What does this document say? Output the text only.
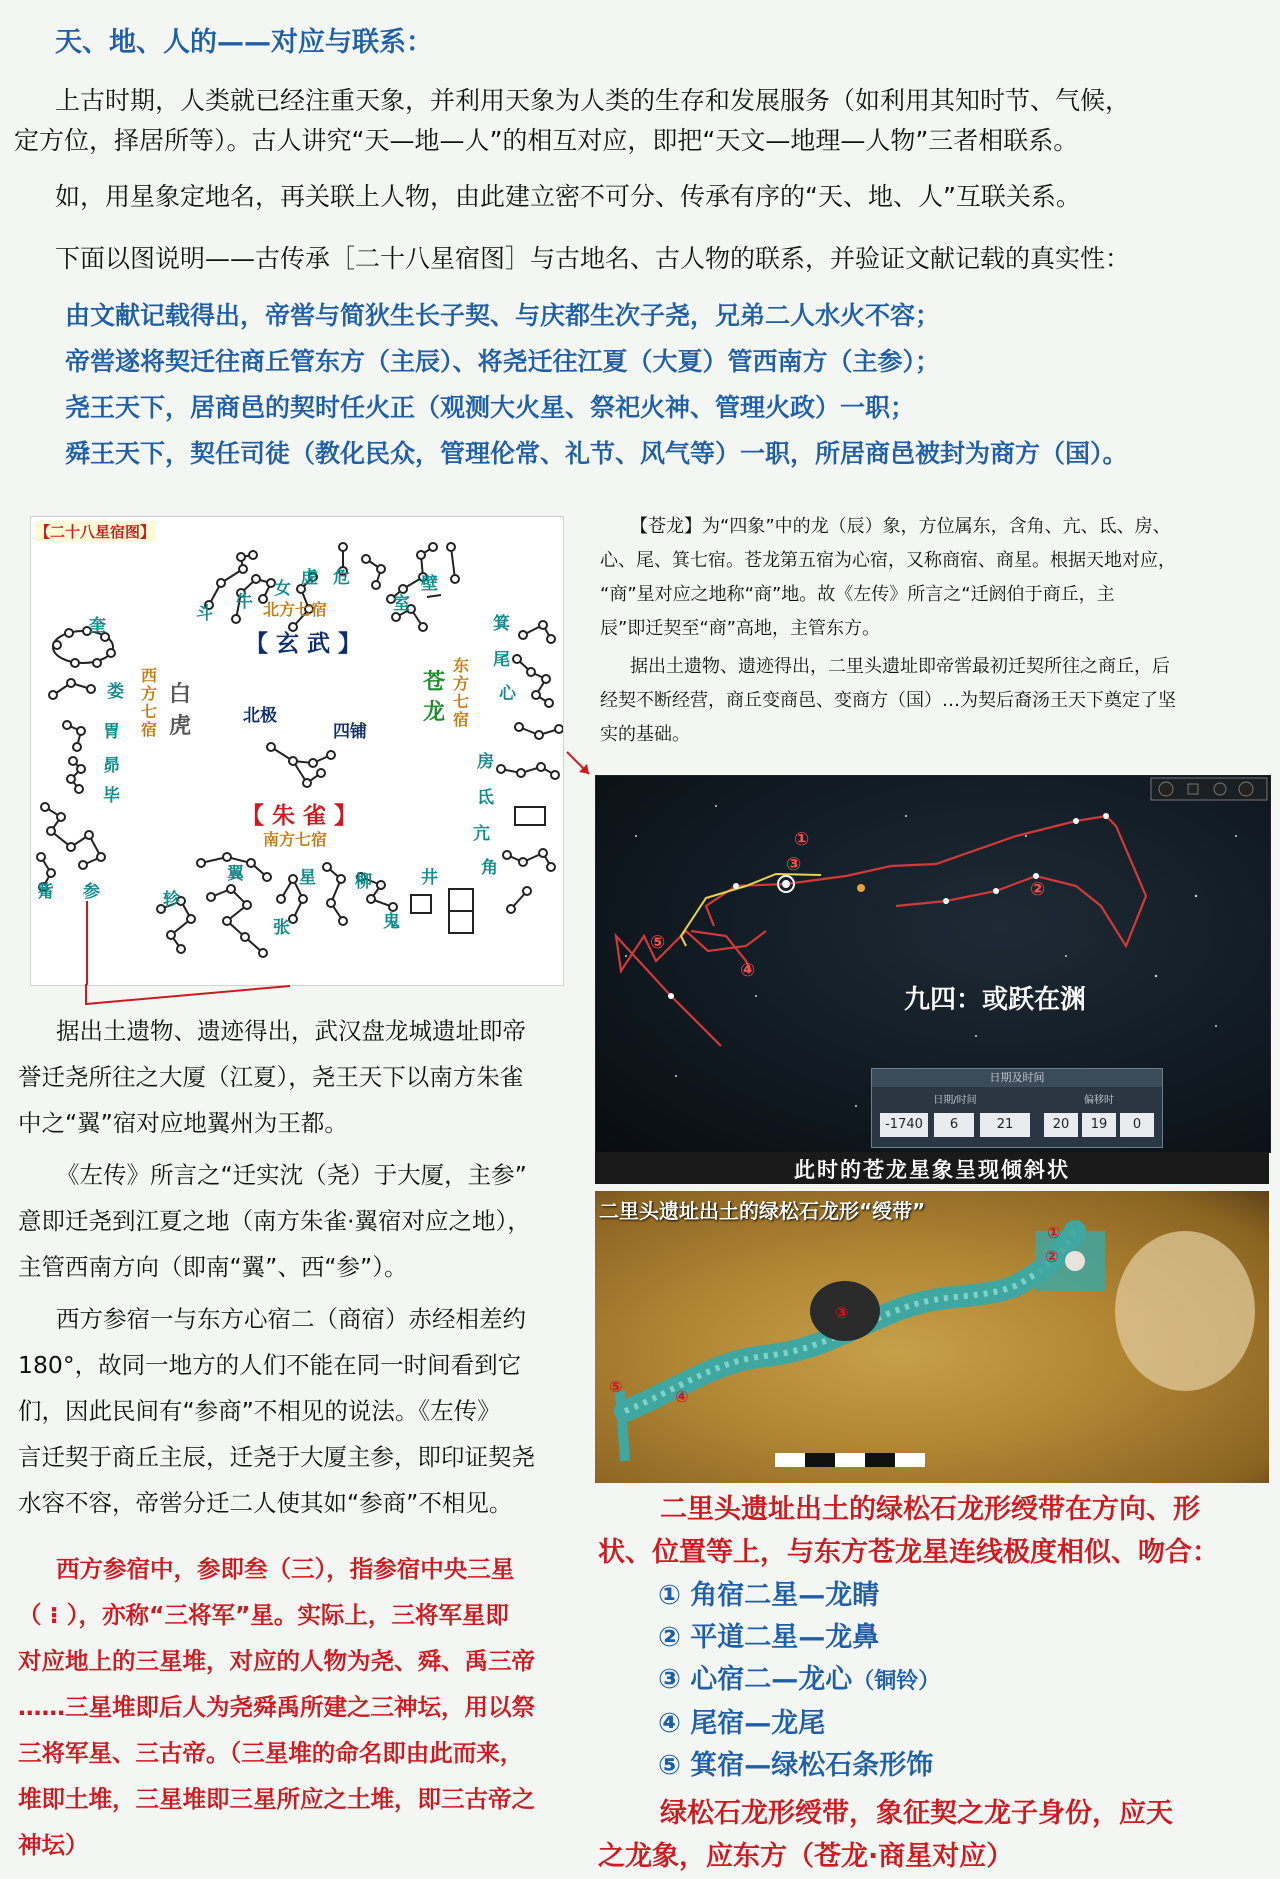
天、地、人的——对应与联系：
上古时期，人类就已经注重天象，并利用天象为人类的生存和发展服务（如利用其知时节、气候，
定方位，择居所等）。古人讲究“天—地—人”的相互对应，即把“天文—地理—人物”三者相联系。
如，用星象定地名，再关联上人物，由此建立密不可分、传承有序的“天、地、人”互联关系。
下面以图说明——古传承［二十八星宿图］与古地名、古人物的联系，并验证文献记载的真实性：
由文献记载得出，帝喾与简狄生长子契、与庆都生次子尧，兄弟二人水火不容；
帝喾遂将契迁往商丘管东方（主辰）、将尧迁往江夏（大夏）管西南方（主参）；
尧王天下，居商邑的契时任火正（观测大火星、祭祀火神、管理火政）一职；
舜王天下，契任司徒（教化民众，管理伦常、礼节、风气等）一职，所居商邑被封为商方（国）。
【二十八星宿图】
斗
牛
女
虚 危
室
壁
北方七宿
【 玄 武 】
箕
尾
心
房
氐
亢
角
苍
龙
东方七宿
奎
娄
胃
昴
毕
觜 参
白
虎
西方七宿
翼	星 柳
鬼
井
轸
张
【 朱 雀 】
南方七宿
北极
四铺
【苍龙】为“四象”中的龙（辰）象，方位属东，含角、亢、氐、房、
心、尾、箕七宿。苍龙第五宿为心宿，又称商宿、商星。根据天地对应，
“商”星对应之地称“商”地。故《左传》所言之“迁阏伯于商丘，主
辰”即迁契至“商”高地，主管东方。
据出土遗物、遗迹得出，二里头遗址即帝喾最初迁契所往之商丘，后
经契不断经营，商丘变商邑、变商方（国）…为契后裔汤王天下奠定了坚
实的基础。
①
②
③
④
⑤
九四：或跃在渊
日期及时间
日期/时间	偏移时
-1740	6	21	20	19	0
此时的苍龙星象呈现倾斜状
二里头遗址出土的绿松石龙形“绶带”
①
②
③
④
⑤
据出土遗物、遗迹得出，武汉盘龙城遗址即帝
誉迁尧所往之大厦（江夏），尧王天下以南方朱雀
中之“翼”宿对应地翼州为王都。
《左传》所言之“迁实沈（尧）于大厦，主参”
意即迁尧到江夏之地（南方朱雀·翼宿对应之地），
主管西南方向（即南“翼”、西“参”）。
西方参宿一与东方心宿二（商宿）赤经相差约
180°，故同一地方的人们不能在同一时间看到它
们，因此民间有“参商”不相见的说法。《左传》
言迁契于商丘主辰，迁尧于大厦主参，即印证契尧
水容不容，帝喾分迁二人使其如“参商”不相见。
西方参宿中，参即叁（三），指参宿中央三星
（ ⁝ ），亦称“三将军”星。实际上，三将军星即
对应地上的三星堆，对应的人物为尧、舜、禹三帝
……三星堆即后人为尧舜禹所建之三神坛，用以祭
三将军星、三古帝。（三星堆的命名即由此而来，
堆即土堆，三星堆即三星所应之土堆，即三古帝之
神坛）
二里头遗址出土的绿松石龙形绶带在方向、形
状、位置等上，与东方苍龙星连线极度相似、吻合：
① 角宿二星—龙睛
② 平道二星—龙鼻
③ 心宿二—龙心（铜铃）
④ 尾宿—龙尾
⑤ 箕宿—绿松石条形饰
绿松石龙形绶带，象征契之龙子身份，应天
之龙象，应东方（苍龙·商星对应）
